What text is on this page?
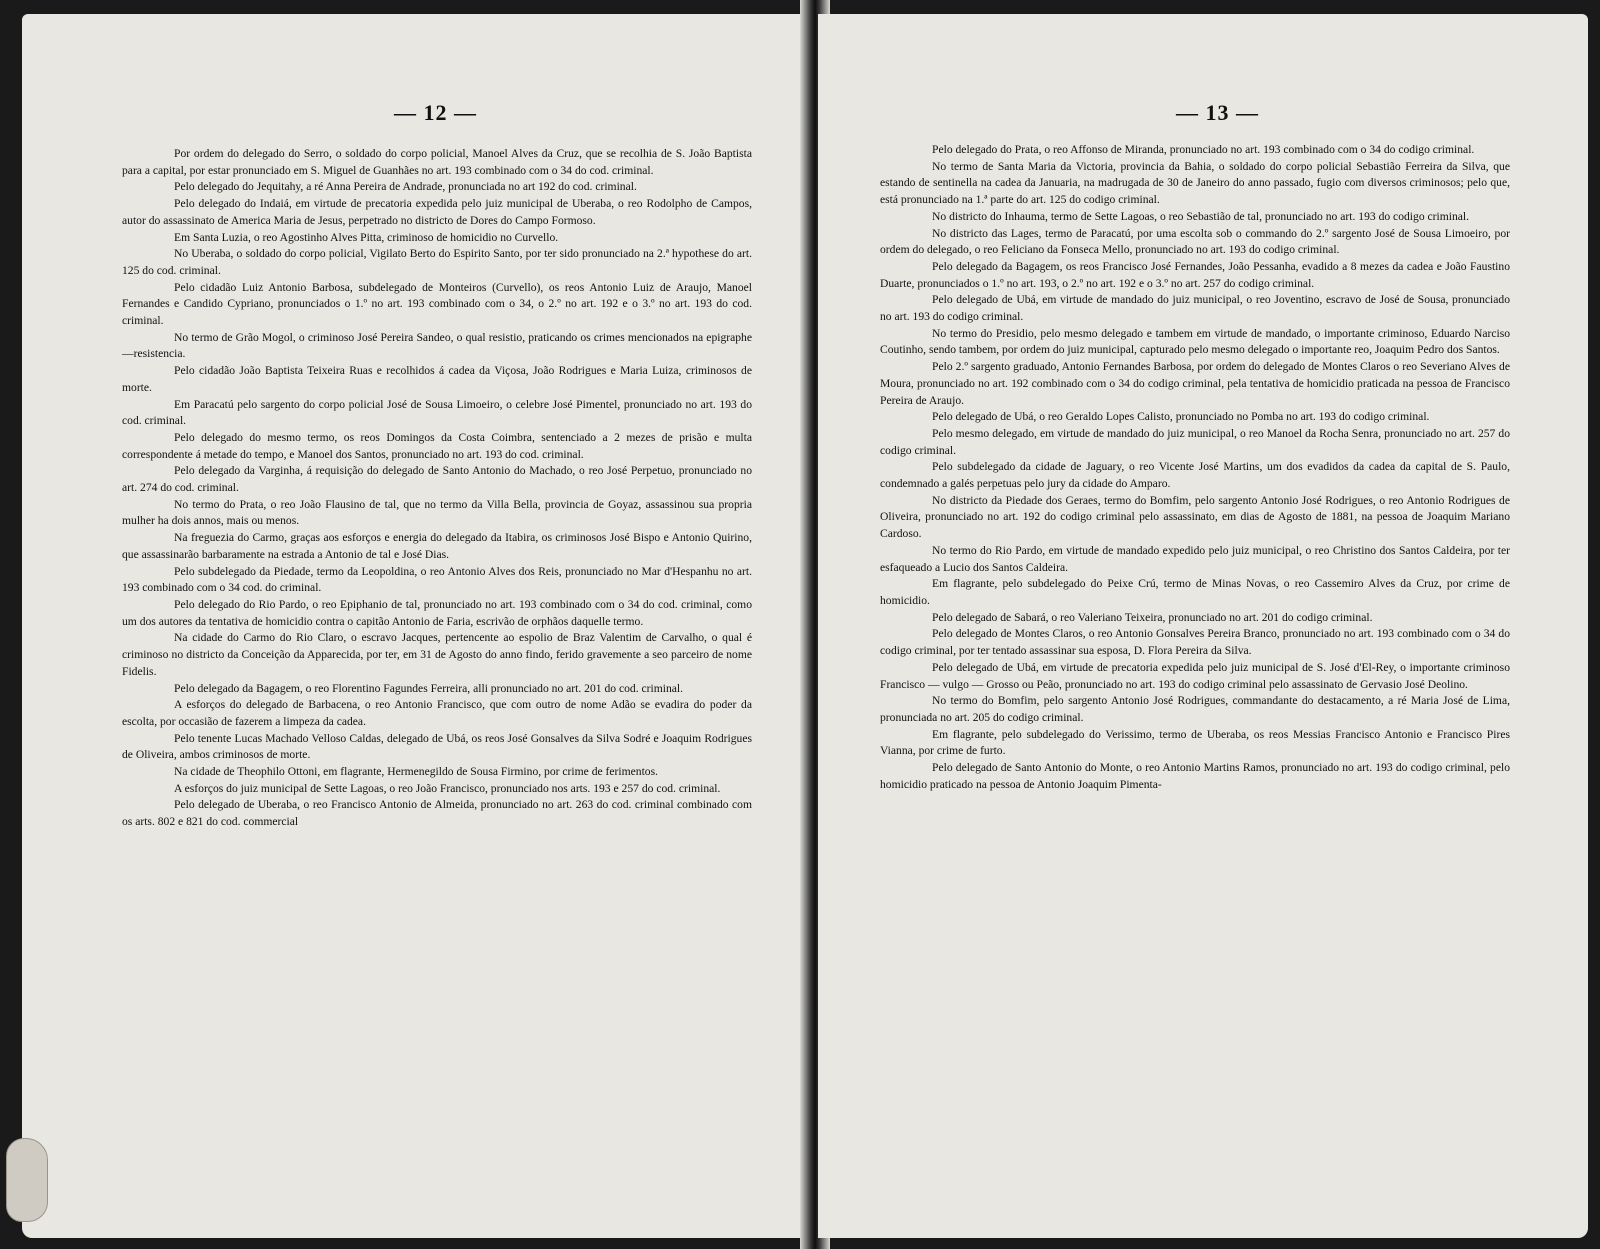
— 12 —

Por ordem do delegado do Serro, o soldado do corpo policial, Manoel Alves da Cruz, que se recolhia de S. João Baptista para a capital, por estar pronunciado em S. Miguel de Guanhães no art. 193 combinado com o 34 do cod. criminal.

Pelo delegado do Jequitahy, a ré Anna Pereira de Andrade, pronunciada no art 192 do cod. criminal.

Pelo delegado do Indaiá, em virtude de precatoria expedida pelo juiz municipal de Uberaba, o reo Rodolpho de Campos, autor do assassinato de America Maria de Jesus, perpetrado no districto de Dores do Campo Formoso.

Em Santa Luzia, o reo Agostinho Alves Pitta, criminoso de homicidio no Curvello.

No Uberaba, o soldado do corpo policial, Vigilato Berto do Espirito Santo, por ter sido pronunciado na 2.ª hypothese do art. 125 do cod. criminal.

Pelo cidadão Luiz Antonio Barbosa, subdelegado de Monteiros (Curvello), os reos Antonio Luiz de Araujo, Manoel Fernandes e Candido Cypriano, pronunciados o 1.º no art. 193 combinado com o 34, o 2.º no art. 192 e o 3.º no art. 193 do cod. criminal.

No termo de Grão Mogol, o criminoso José Pereira Sandeo, o qual resistio, praticando os crimes mencionados na epigraphe—resistencia.

Pelo cidadão João Baptista Teixeira Ruas e recolhidos á cadea da Viçosa, João Rodrigues e Maria Luiza, criminosos de morte.

Em Paracatú pelo sargento do corpo policial José de Sousa Limoeiro, o celebre José Pimentel, pronunciado no art. 193 do cod. criminal.

Pelo delegado do mesmo termo, os reos Domingos da Costa Coimbra, sentenciado a 2 mezes de prisão e multa correspondente á metade do tempo, e Manoel dos Santos, pronunciado no art. 193 do cod. criminal.

Pelo delegado da Varginha, á requisição do delegado de Santo Antonio do Machado, o reo José Perpetuo, pronunciado no art. 274 do cod. criminal.

No termo do Prata, o reo João Flausino de tal, que no termo da Villa Bella, provincia de Goyaz, assassinou sua propria mulher ha dois annos, mais ou menos.

Na freguezia do Carmo, graças aos esforços e energia do delegado da Itabira, os criminosos José Bispo e Antonio Quirino, que assassinarão barbaramente na estrada a Antonio de tal e José Dias.

Pelo subdelegado da Piedade, termo da Leopoldina, o reo Antonio Alves dos Reis, pronunciado no Mar d'Hespanhu no art. 193 combinado com o 34 cod. do criminal.

Pelo delegado do Rio Pardo, o reo Epiphanio de tal, pronunciado no art. 193 combinado com o 34 do cod. criminal, como um dos autores da tentativa de homicidio contra o capitão Antonio de Faria, escrivão de orphãos daquelle termo.

Na cidade do Carmo do Rio Claro, o escravo Jacques, pertencente ao espolio de Braz Valentim de Carvalho, o qual é criminoso no districto da Conceição da Apparecida, por ter, em 31 de Agosto do anno findo, ferido gravemente a seo parceiro de nome Fidelis.

Pelo delegado da Bagagem, o reo Florentino Fagundes Ferreira, alli pronunciado no art. 201 do cod. criminal.

A esforços do delegado de Barbacena, o reo Antonio Francisco, que com outro de nome Adão se evadira do poder da escolta, por occasião de fazerem a limpeza da cadea.

Pelo tenente Lucas Machado Velloso Caldas, delegado de Ubá, os reos José Gonsalves da Silva Sodré e Joaquim Rodrigues de Oliveira, ambos criminosos de morte.

Na cidade de Theophilo Ottoni, em flagrante, Hermenegildo de Sousa Firmino, por crime de ferimentos.

A esforços do juiz municipal de Sette Lagoas, o reo João Francisco, pronunciado nos arts. 193 e 257 do cod. criminal.

Pelo delegado de Uberaba, o reo Francisco Antonio de Almeida, pronunciado no art. 263 do cod. criminal combinado com os arts. 802 e 821 do cod. commercial

— 13 —

Pelo delegado do Prata, o reo Affonso de Miranda, pronunciado no art. 193 combinado com o 34 do codigo criminal.

No termo de Santa Maria da Victoria, provincia da Bahia, o soldado do corpo policial Sebastião Ferreira da Silva, que estando de sentinella na cadea da Januaria, na madrugada de 30 de Janeiro do anno passado, fugio com diversos criminosos; pelo que, está pronunciado na 1.ª parte do art. 125 do codigo criminal.

No districto do Inhauma, termo de Sette Lagoas, o reo Sebastião de tal, pronunciado no art. 193 do codigo criminal.

No districto das Lages, termo de Paracatú, por uma escolta sob o commando do 2.º sargento José de Sousa Limoeiro, por ordem do delegado, o reo Feliciano da Fonseca Mello, pronunciado no art. 193 do codigo criminal.

Pelo delegado da Bagagem, os reos Francisco José Fernandes, João Pessanha, evadido a 8 mezes da cadea e João Faustino Duarte, pronunciados o 1.º no art. 193, o 2.º no art. 192 e o 3.º no art. 257 do codigo criminal.

Pelo delegado de Ubá, em virtude de mandado do juiz municipal, o reo Joventino, escravo de José de Sousa, pronunciado no art. 193 do codigo criminal.

No termo do Presidio, pelo mesmo delegado e tambem em virtude de mandado, o importante criminoso, Eduardo Narciso Coutinho, sendo tambem, por ordem do juiz municipal, capturado pelo mesmo delegado o importante reo, Joaquim Pedro dos Santos.

Pelo 2.º sargento graduado, Antonio Fernandes Barbosa, por ordem do delegado de Montes Claros o reo Severiano Alves de Moura, pronunciado no art. 192 combinado com o 34 do codigo criminal, pela tentativa de homicidio praticada na pessoa de Francisco Pereira de Araujo.

Pelo delegado de Ubá, o reo Geraldo Lopes Calisto, pronunciado no Pomba no art. 193 do codigo criminal.

Pelo mesmo delegado, em virtude de mandado do juiz municipal, o reo Manoel da Rocha Senra, pronunciado no art. 257 do codigo criminal.

Pelo subdelegado da cidade de Jaguary, o reo Vicente José Martins, um dos evadidos da cadea da capital de S. Paulo, condemnado a galés perpetuas pelo jury da cidade do Amparo.

No districto da Piedade dos Geraes, termo do Bomfim, pelo sargento Antonio José Rodrigues, o reo Antonio Rodrigues de Oliveira, pronunciado no art. 192 do codigo criminal pelo assassinato, em dias de Agosto de 1881, na pessoa de Joaquim Mariano Cardoso.

No termo do Rio Pardo, em virtude de mandado expedido pelo juiz municipal, o reo Christino dos Santos Caldeira, por ter esfaqueado a Lucio dos Santos Caldeira.

Em flagrante, pelo subdelegado do Peixe Crú, termo de Minas Novas, o reo Cassemiro Alves da Cruz, por crime de homicidio.

Pelo delegado de Sabará, o reo Valeriano Teixeira, pronunciado no art. 201 do codigo criminal.

Pelo delegado de Montes Claros, o reo Antonio Gonsalves Pereira Branco, pronunciado no art. 193 combinado com o 34 do codigo criminal, por ter tentado assassinar sua esposa, D. Flora Pereira da Silva.

Pelo delegado de Ubá, em virtude de precatoria expedida pelo juiz municipal de S. José d'El-Rey, o importante criminoso Francisco — vulgo — Grosso ou Peão, pronunciado no art. 193 do codigo criminal pelo assassinato de Gervasio José Deolino.

No termo do Bomfim, pelo sargento Antonio José Rodrigues, commandante do destacamento, a ré Maria José de Lima, pronunciada no art. 205 do codigo criminal.

Em flagrante, pelo subdelegado do Verissimo, termo de Uberaba, os reos Messias Francisco Antonio e Francisco Pires Vianna, por crime de furto.

Pelo delegado de Santo Antonio do Monte, o reo Antonio Martins Ramos, pronunciado no art. 193 do codigo criminal, pelo homicidio praticado na pessoa de Antonio Joaquim Pimenta-
